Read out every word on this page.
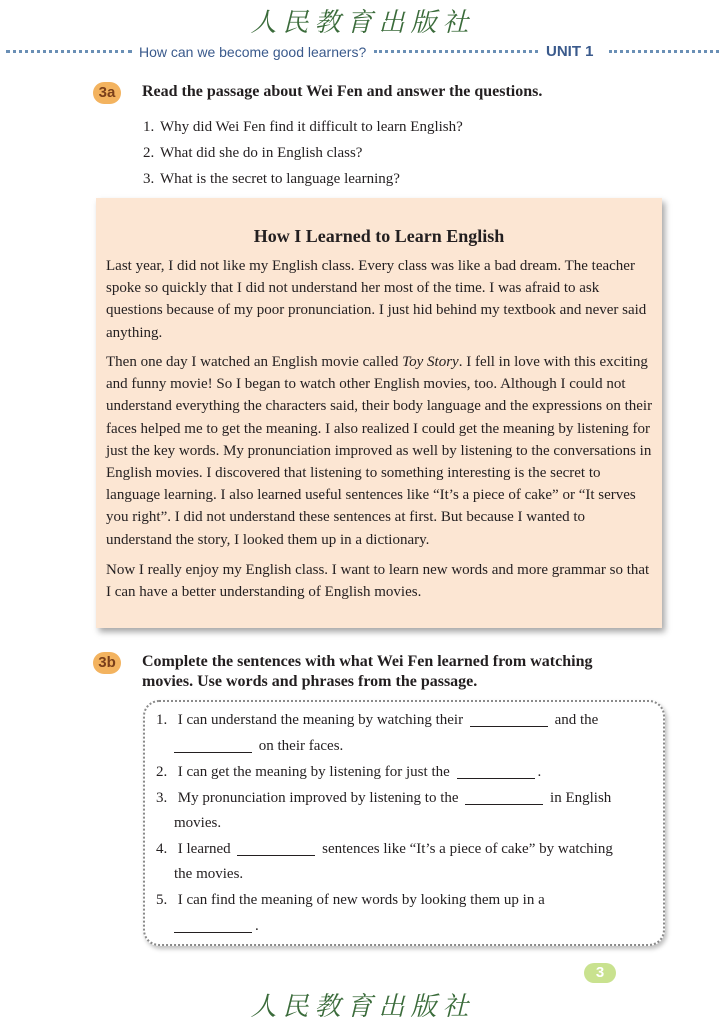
人民教育出版社
How can we become good learners?	UNIT 1
3a	Read the passage about Wei Fen and answer the questions.
1. Why did Wei Fen find it difficult to learn English?
2. What did she do in English class?
3. What is the secret to language learning?
How I Learned to Learn English
Last year, I did not like my English class. Every class was like a bad dream. The teacher spoke so quickly that I did not understand her most of the time. I was afraid to ask questions because of my poor pronunciation. I just hid behind my textbook and never said anything.
Then one day I watched an English movie called Toy Story. I fell in love with this exciting and funny movie! So I began to watch other English movies, too. Although I could not understand everything the characters said, their body language and the expressions on their faces helped me to get the meaning. I also realized I could get the meaning by listening for just the key words. My pronunciation improved as well by listening to the conversations in English movies. I discovered that listening to something interesting is the secret to language learning. I also learned useful sentences like “It’s a piece of cake” or “It serves you right”. I did not understand these sentences at first. But because I wanted to understand the story, I looked them up in a dictionary.
Now I really enjoy my English class. I want to learn new words and more grammar so that I can have a better understanding of English movies.
3b	Complete the sentences with what Wei Fen learned from watching
movies. Use words and phrases from the passage.
1. I can understand the meaning by watching their	and the
on their faces.
2. I can get the meaning by listening for just the	.
3. My pronunciation improved by listening to the	in English
movies.
4. I learned	sentences like “It’s a piece of cake” by watching
the movies.
5. I can find the meaning of new words by looking them up in a
.
3
人民教育出版社
